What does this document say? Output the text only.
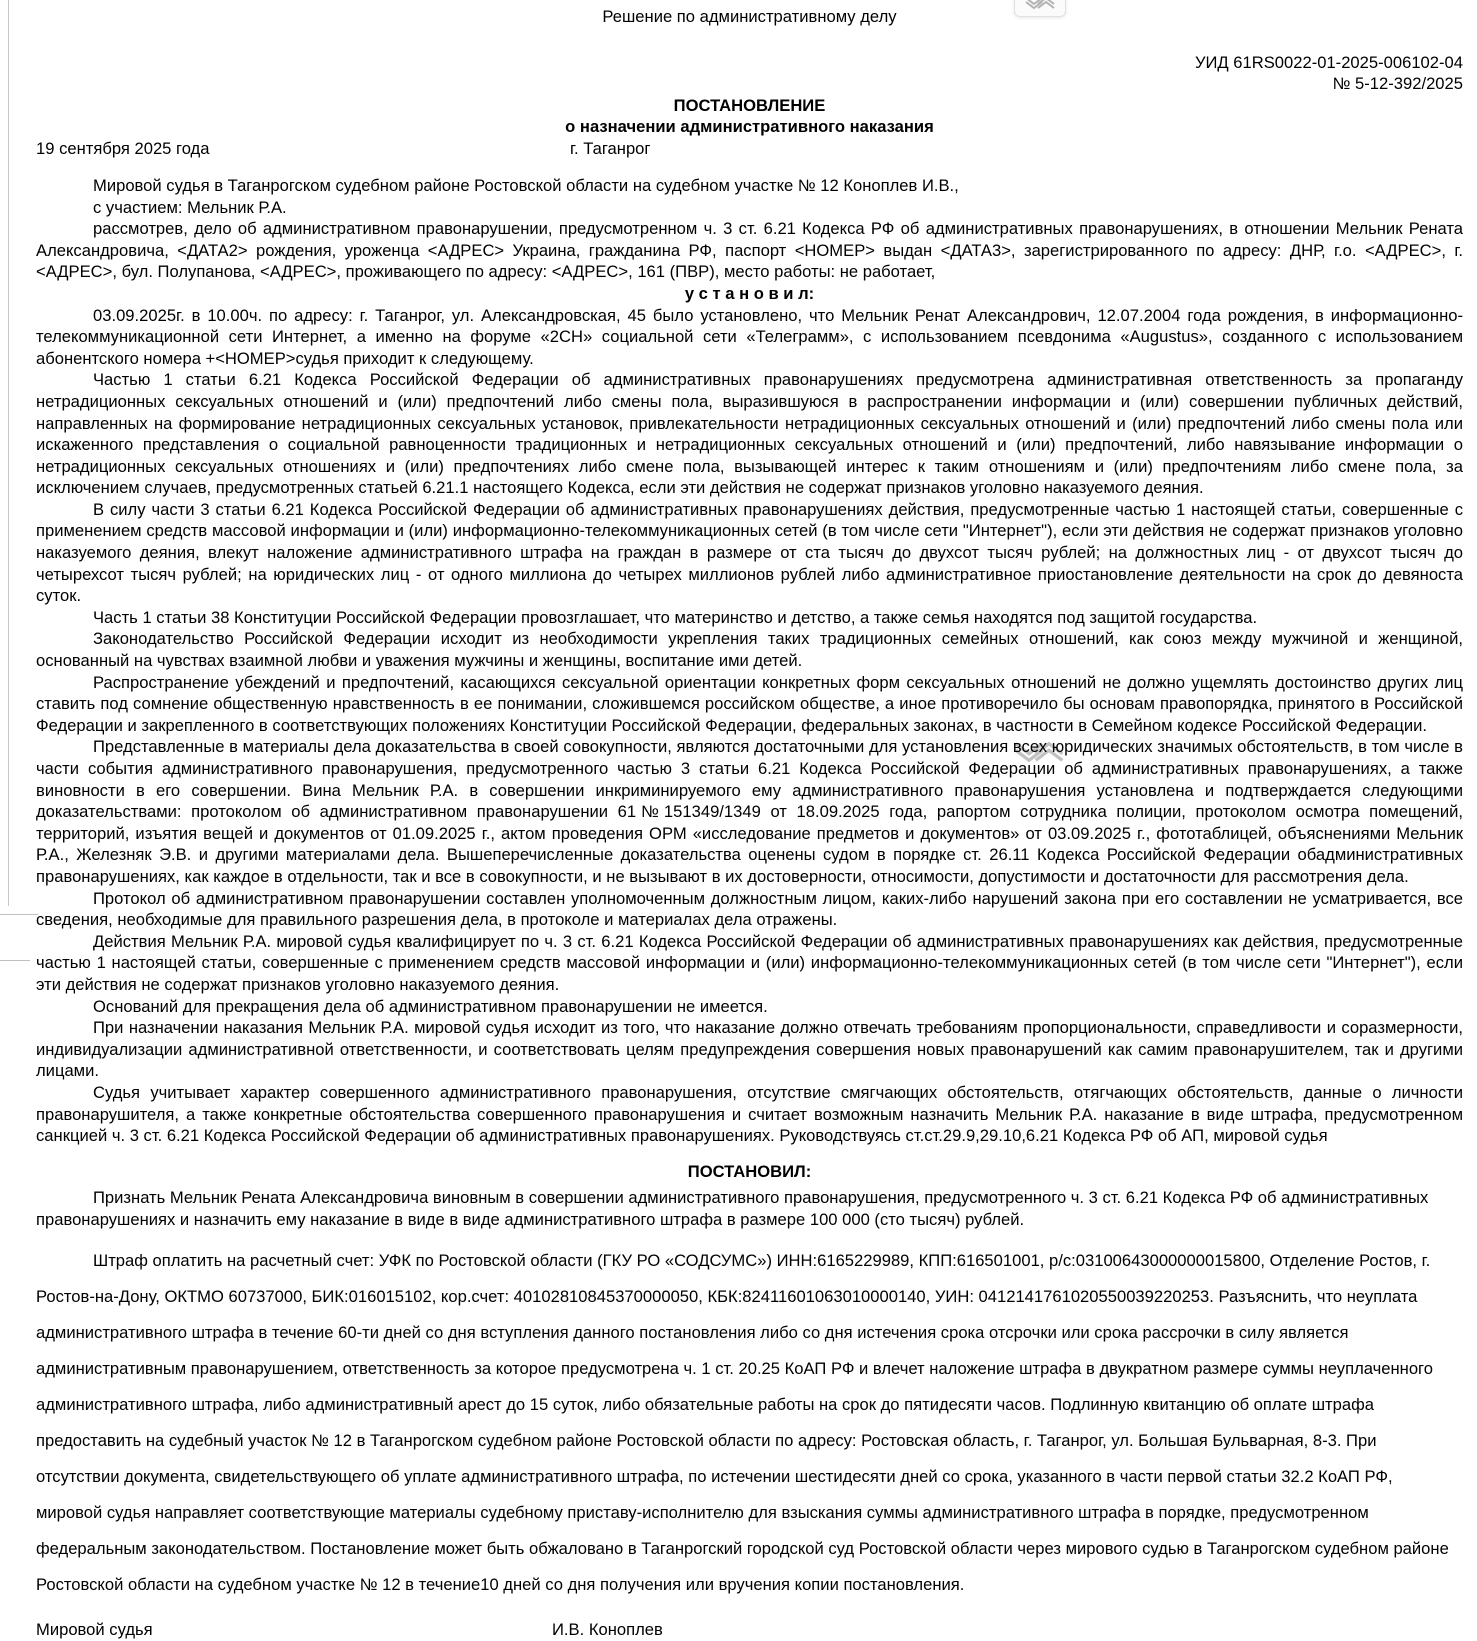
Решение по административному делу
УИД 61RS0022-01-2025-006102-04
№ 5-12-392/2025
ПОСТАНОВЛЕНИЕ
о назначении административного наказания
19 сентября 2025 года	г. Таганрог

Мировой судья в Таганрогском судебном районе Ростовской области на судебном участке № 12 Коноплев И.В.,

с участием: Мельник Р.А.

рассмотрев, дело об административном правонарушении, предусмотренном ч. 3 ст. 6.21 Кодекса РФ об административных правонарушениях, в отношении Мельник Рената Александровича, <ДАТА2> рождения, уроженца <АДРЕС> Украина, гражданина РФ, паспорт <НОМЕР> выдан <ДАТА3>, зарегистрированного по адресу: ДНР, г.о. <АДРЕС>, г. <АДРЕС>, бул. Полупанова, <АДРЕС>, проживающего по адресу: <АДРЕС>, 161 (ПВР), место работы: не работает,

у с т а н о в и л:

03.09.2025г. в 10.00ч. по адресу: г. Таганрог, ул. Александровская, 45 было установлено, что Мельник Ренат Александрович, 12.07.2004 года рождения, в информационно-телекоммуникационной сети Интернет, а именно на форуме «2СН» социальной сети «Телеграмм», с использованием псевдонима «Augustus», созданного с использованием абонентского номера +<НОМЕР>судья приходит к следующему.

Частью 1 статьи 6.21 Кодекса Российской Федерации об административных правонарушениях предусмотрена административная ответственность за пропаганду нетрадиционных сексуальных отношений и (или) предпочтений либо смены пола, выразившуюся в распространении информации и (или) совершении публичных действий, направленных на формирование нетрадиционных сексуальных установок, привлекательности нетрадиционных сексуальных отношений и (или) предпочтений либо смены пола или искаженного представления о социальной равноценности традиционных и нетрадиционных сексуальных отношений и (или) предпочтений, либо навязывание информации о нетрадиционных сексуальных отношениях и (или) предпочтениях либо смене пола, вызывающей интерес к таким отношениям и (или) предпочтениям либо смене пола, за исключением случаев, предусмотренных статьей 6.21.1 настоящего Кодекса, если эти действия не содержат признаков уголовно наказуемого деяния.

В силу части 3 статьи 6.21 Кодекса Российской Федерации об административных правонарушениях действия, предусмотренные частью 1 настоящей статьи, совершенные с применением средств массовой информации и (или) информационно-телекоммуникационных сетей (в том числе сети "Интернет"), если эти действия не содержат признаков уголовно наказуемого деяния, влекут наложение административного штрафа на граждан в размере от ста тысяч до двухсот тысяч рублей; на должностных лиц - от двухсот тысяч до четырехсот тысяч рублей; на юридических лиц - от одного миллиона до четырех миллионов рублей либо административное приостановление деятельности на срок до девяноста суток.

Часть 1 статьи 38 Конституции Российской Федерации провозглашает, что материнство и детство, а также семья находятся под защитой государства.

Законодательство Российской Федерации исходит из необходимости укрепления таких традиционных семейных отношений, как союз между мужчиной и женщиной, основанный на чувствах взаимной любви и уважения мужчины и женщины, воспитание ими детей.

Распространение убеждений и предпочтений, касающихся сексуальной ориентации конкретных форм сексуальных отношений не должно ущемлять достоинство других лиц ставить под сомнение общественную нравственность в ее понимании, сложившемся российском обществе, а иное противоречило бы основам правопорядка, принятого в Российской Федерации и закрепленного в соответствующих положениях Конституции Российской Федерации, федеральных законах, в частности в Семейном кодексе Российской Федерации.

Представленные в материалы дела доказательства в своей совокупности, являются достаточными для установления всех юридических значимых обстоятельств, в том числе в части события административного правонарушения, предусмотренного частью 3 статьи 6.21 Кодекса Российской Федерации об административных правонарушениях, а также виновности в его совершении. Вина Мельник Р.А. в совершении инкриминируемого ему административного правонарушения установлена и подтверждается следующими доказательствами: протоколом об административном правонарушении 61№151349/1349 от 18.09.2025 года, рапортом сотрудника полиции, протоколом осмотра помещений, территорий, изъятия вещей и документов от 01.09.2025 г., актом проведения ОРМ «исследование предметов и документов» от 03.09.2025 г., фототаблицей, объяснениями Мельник Р.А., Железняк Э.В. и другими материалами дела. Вышеперечисленные доказательства оценены судом в порядке ст. 26.11 Кодекса Российской Федерации обадминистративных правонарушениях, как каждое в отдельности, так и все в совокупности, и не вызывают в их достоверности, относимости, допустимости и достаточности для рассмотрения дела.

Протокол об административном правонарушении составлен уполномоченным должностным лицом, каких-либо нарушений закона при его составлении не усматривается, все сведения, необходимые для правильного разрешения дела, в протоколе и материалах дела отражены.

Действия Мельник Р.А. мировой судья квалифицирует по ч. 3 ст. 6.21 Кодекса Российской Федерации об административных правонарушениях как действия, предусмотренные частью 1 настоящей статьи, совершенные с применением средств массовой информации и (или) информационно-телекоммуникационных сетей (в том числе сети "Интернет"), если эти действия не содержат признаков уголовно наказуемого деяния.

Оснований для прекращения дела об административном правонарушении не имеется.

При назначении наказания Мельник Р.А. мировой судья исходит из того, что наказание должно отвечать требованиям пропорциональности, справедливости и соразмерности, индивидуализации административной ответственности, и соответствовать целям предупреждения совершения новых правонарушений как самим правонарушителем, так и другими лицами.

Судья учитывает характер совершенного административного правонарушения, отсутствие смягчающих обстоятельств, отягчающих обстоятельств, данные о личности правонарушителя, а также конкретные обстоятельства совершенного правонарушения и считает возможным назначить Мельник Р.А. наказание в виде штрафа, предусмотренном санкцией ч. 3 ст. 6.21 Кодекса Российской Федерации об административных правонарушениях. Руководствуясь ст.ст.29.9,29.10,6.21 Кодекса РФ об АП, мировой судья

ПОСТАНОВИЛ:

Признать Мельник Рената Александровича виновным в совершении административного правонарушения, предусмотренного ч. 3 ст. 6.21 Кодекса РФ об административных правонарушениях и назначить ему наказание в виде в виде административного штрафа в размере 100 000 (сто тысяч) рублей.

Штраф оплатить на расчетный счет: УФК по Ростовской области (ГКУ РО «СОДСУМС») ИНН:6165229989, КПП:616501001, р/с:03100643000000015800, Отделение Ростов, г. Ростов-на-Дону, ОКТМО 60737000, БИК:016015102, кор.счет: 40102810845370000050, КБК:82411601063010000140, УИН: 0412141761020550039220253. Разъяснить, что неуплата административного штрафа в течение 60-ти дней со дня вступления данного постановления либо со дня истечения срока отсрочки или срока рассрочки в силу является административным правонарушением, ответственность за которое предусмотрена ч. 1 ст. 20.25 КоАП РФ и влечет наложение штрафа в двукратном размере суммы неуплаченного административного штрафа, либо административный арест до 15 суток, либо обязательные работы на срок до пятидесяти часов. Подлинную квитанцию об оплате штрафа предоставить на судебный участок № 12 в Таганрогском судебном районе Ростовской области по адресу: Ростовская область, г. Таганрог, ул. Большая Бульварная, 8-3. При отсутствии документа, свидетельствующего об уплате административного штрафа, по истечении шестидесяти дней со срока, указанного в части первой статьи 32.2 КоАП РФ, мировой судья направляет соответствующие материалы судебному приставу-исполнителю для взыскания суммы административного штрафа в порядке, предусмотренном федеральным законодательством. Постановление может быть обжаловано в Таганрогский городской суд Ростовской области через мирового судью в Таганрогском судебном районе Ростовской области на судебном участке № 12 в течение10 дней со дня получения или вручения копии постановления.

Мировой судья	И.В. Коноплев
